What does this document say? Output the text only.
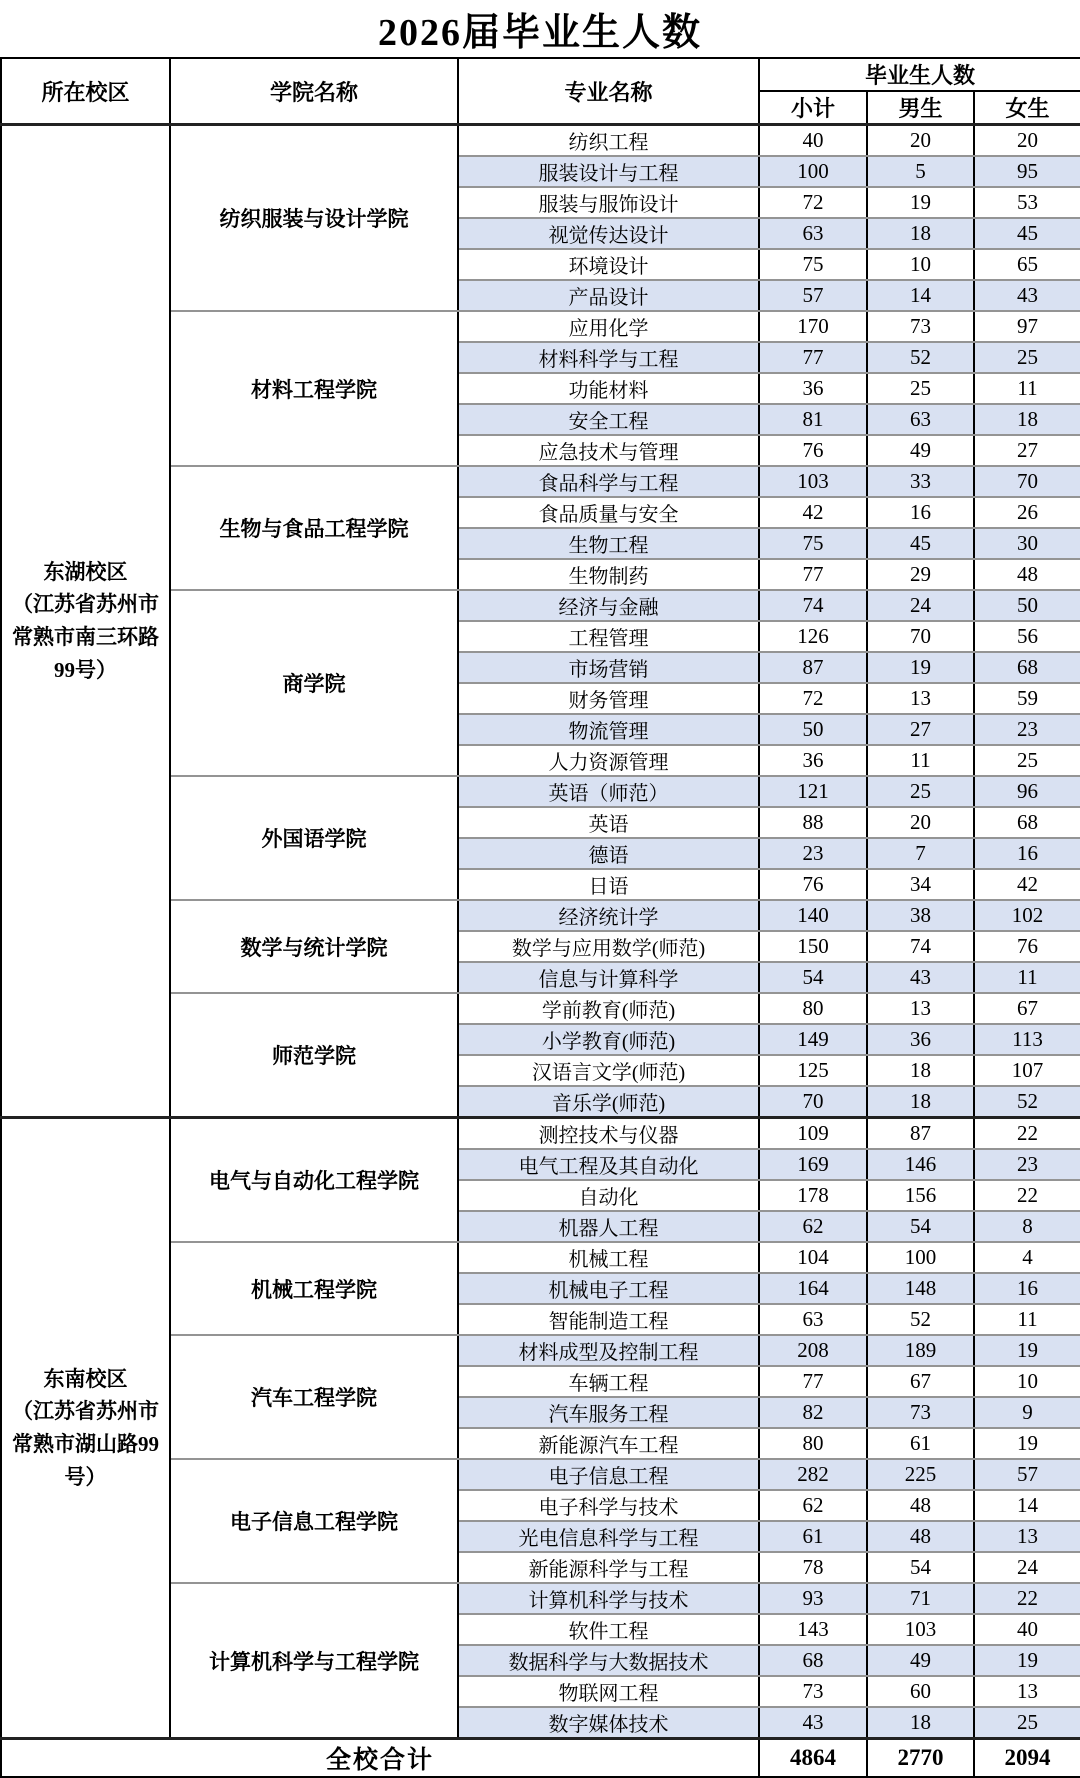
2026届毕业生人数
所在校区	学院名称	专业名称	毕业生人数		
			小计	男生	女生

东湖校区
（江苏省苏州市常熟市南三环路99号）	纺织服装与设计学院	纺织工程	40	20	20
		服装设计与工程	100	5	95
		服装与服饰设计	72	19	53
		视觉传达设计	63	18	45
		环境设计	75	10	65
		产品设计	57	14	43
	材料工程学院	应用化学	170	73	97
		材料科学与工程	77	52	25
		功能材料	36	25	11
		安全工程	81	63	18
		应急技术与管理	76	49	27
	生物与食品工程学院	食品科学与工程	103	33	70
		食品质量与安全	42	16	26
		生物工程	75	45	30
		生物制药	77	29	48
	商学院	经济与金融	74	24	50
		工程管理	126	70	56
		市场营销	87	19	68
		财务管理	72	13	59
		物流管理	50	27	23
		人力资源管理	36	11	25
	外国语学院	英语（师范）	121	25	96
		英语	88	20	68
		德语	23	7	16
		日语	76	34	42
	数学与统计学院	经济统计学	140	38	102
		数学与应用数学(师范)	150	74	76
		信息与计算科学	54	43	11
	师范学院	学前教育(师范)	80	13	67
		小学教育(师范)	149	36	113
		汉语言文学(师范)	125	18	107
		音乐学(师范)	70	18	52

东南校区
（江苏省苏州市常熟市湖山路99号）	电气与自动化工程学院	测控技术与仪器	109	87	22
		电气工程及其自动化	169	146	23
		自动化	178	156	22
		机器人工程	62	54	8
	机械工程学院	机械工程	104	100	4
		机械电子工程	164	148	16
		智能制造工程	63	52	11
	汽车工程学院	材料成型及控制工程	208	189	19
		车辆工程	77	67	10
		汽车服务工程	82	73	9
		新能源汽车工程	80	61	19
	电子信息工程学院	电子信息工程	282	225	57
		电子科学与技术	62	48	14
		光电信息科学与工程	61	48	13
		新能源科学与工程	78	54	24
	计算机科学与工程学院	计算机科学与技术	93	71	22
		软件工程	143	103	40
		数据科学与大数据技术	68	49	19
		物联网工程	73	60	13
		数字媒体技术	43	18	25
全校合计			4864	2770	2094
